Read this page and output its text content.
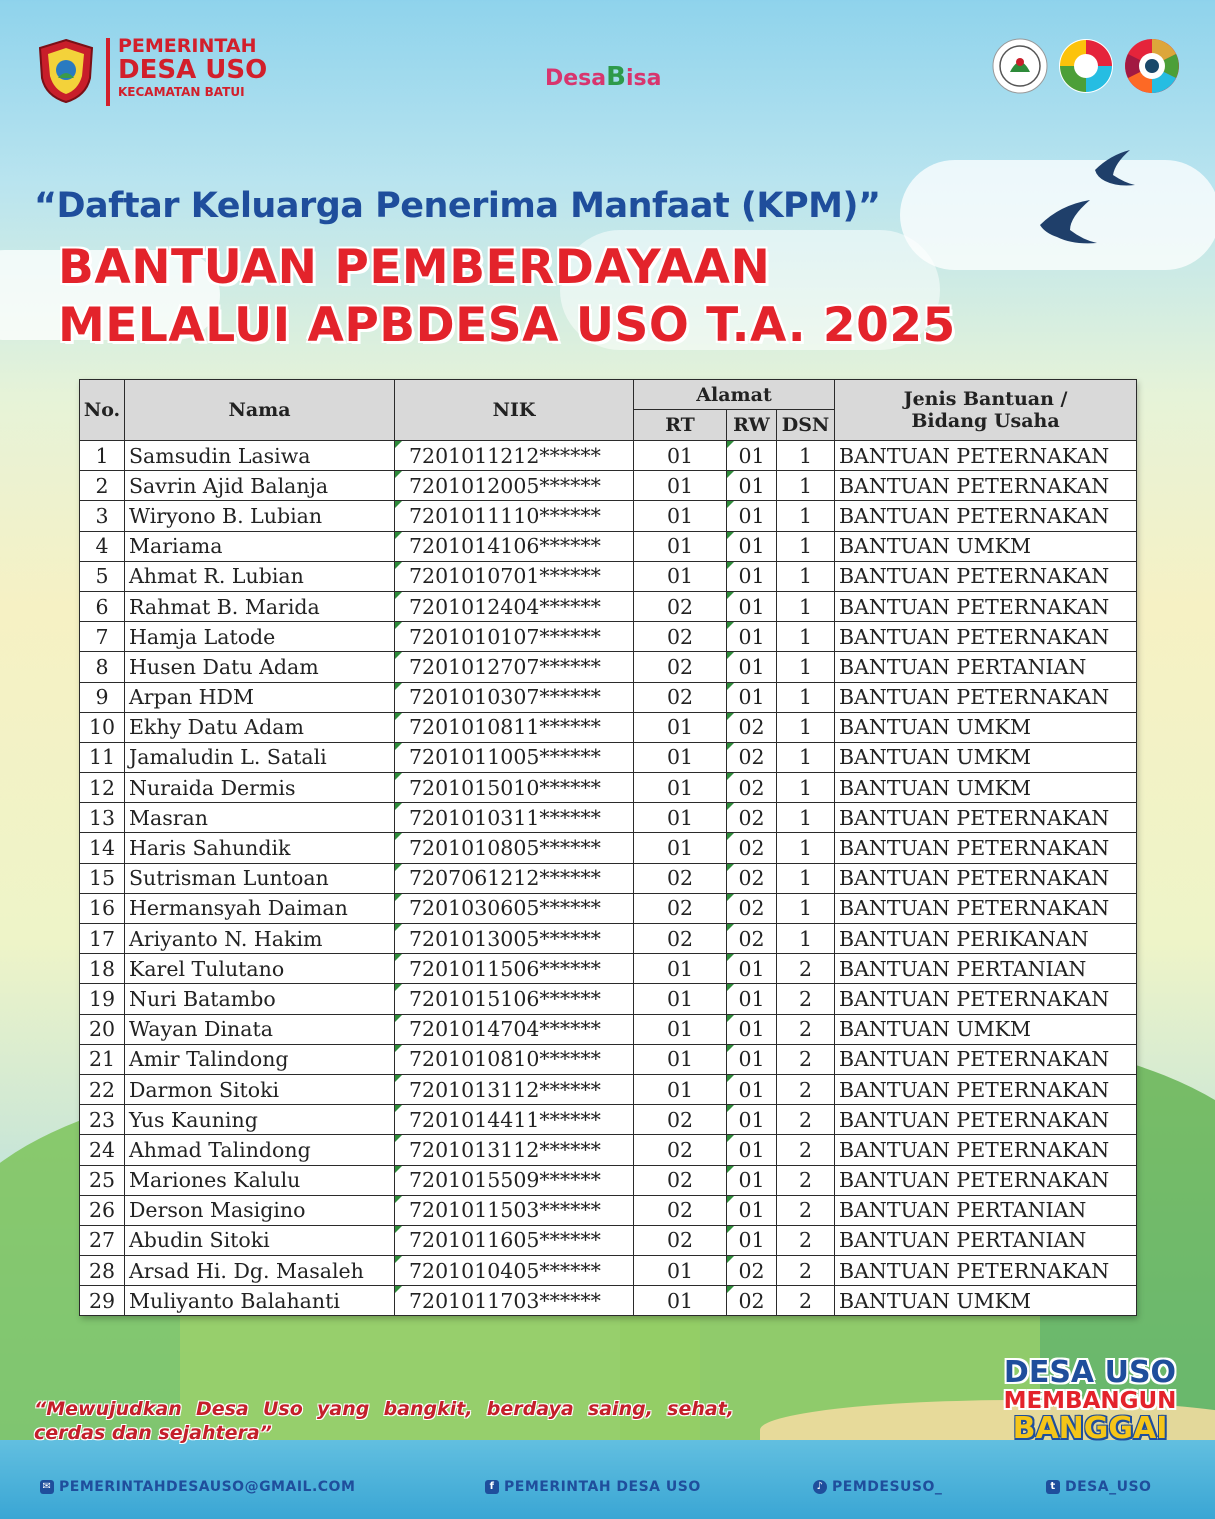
PEMERINTAH
DESA USO
KECAMATAN BATUI
DesaBisa
“Daftar Keluarga Penerima Manfaat (KPM)”
BANTUAN PEMBERDAYAAN
MELALUI APBDESA USO T.A. 2025
No.	Nama	NIK	Alamat			Jenis Bantuan /
Bidang Usaha

			RT	RW	DSN	
1	Samsudin Lasiwa	7201011212******	01	01	1	BANTUAN PETERNAKAN
2	Savrin Ajid Balanja	7201012005******	01	01	1	BANTUAN PETERNAKAN
3	Wiryono B. Lubian	7201011110******	01	01	1	BANTUAN PETERNAKAN
4	Mariama	7201014106******	01	01	1	BANTUAN UMKM
5	Ahmat R. Lubian	7201010701******	01	01	1	BANTUAN PETERNAKAN
6	Rahmat B. Marida	7201012404******	02	01	1	BANTUAN PETERNAKAN
7	Hamja Latode	7201010107******	02	01	1	BANTUAN PETERNAKAN
8	Husen Datu Adam	7201012707******	02	01	1	BANTUAN PERTANIAN
9	Arpan HDM	7201010307******	02	01	1	BANTUAN PETERNAKAN
10	Ekhy Datu Adam	7201010811******	01	02	1	BANTUAN UMKM
11	Jamaludin L. Satali	7201011005******	01	02	1	BANTUAN UMKM
12	Nuraida Dermis	7201015010******	01	02	1	BANTUAN UMKM
13	Masran	7201010311******	01	02	1	BANTUAN PETERNAKAN
14	Haris Sahundik	7201010805******	01	02	1	BANTUAN PETERNAKAN
15	Sutrisman Luntoan	7207061212******	02	02	1	BANTUAN PETERNAKAN
16	Hermansyah Daiman	7201030605******	02	02	1	BANTUAN PETERNAKAN
17	Ariyanto N. Hakim	7201013005******	02	02	1	BANTUAN PERIKANAN
18	Karel Tulutano	7201011506******	01	01	2	BANTUAN PERTANIAN
19	Nuri Batambo	7201015106******	01	01	2	BANTUAN PETERNAKAN
20	Wayan Dinata	7201014704******	01	01	2	BANTUAN UMKM
21	Amir Talindong	7201010810******	01	01	2	BANTUAN PETERNAKAN
22	Darmon Sitoki	7201013112******	01	01	2	BANTUAN PETERNAKAN
23	Yus Kauning	7201014411******	02	01	2	BANTUAN PETERNAKAN
24	Ahmad Talindong	7201013112******	02	01	2	BANTUAN PETERNAKAN
25	Mariones Kalulu	7201015509******	02	01	2	BANTUAN PETERNAKAN
26	Derson Masigino	7201011503******	02	01	2	BANTUAN PERTANIAN
27	Abudin Sitoki	7201011605******	02	01	2	BANTUAN PERTANIAN
28	Arsad Hi. Dg. Masaleh	7201010405******	01	02	2	BANTUAN PETERNAKAN
29	Muliyanto Balahanti	7201011703******	01	02	2	BANTUAN UMKM
“Mewujudkan Desa Uso yang bangkit, berdaya saing, sehat, cerdas dan sejahtera”
DESA USO
MEMBANGUN
BANGGAI
✉ PEMERINTAHDESAUSO@GMAIL.COM	f PEMERINTAH DESA USO	♪ PEMDESUSO_	t DESA_USO
